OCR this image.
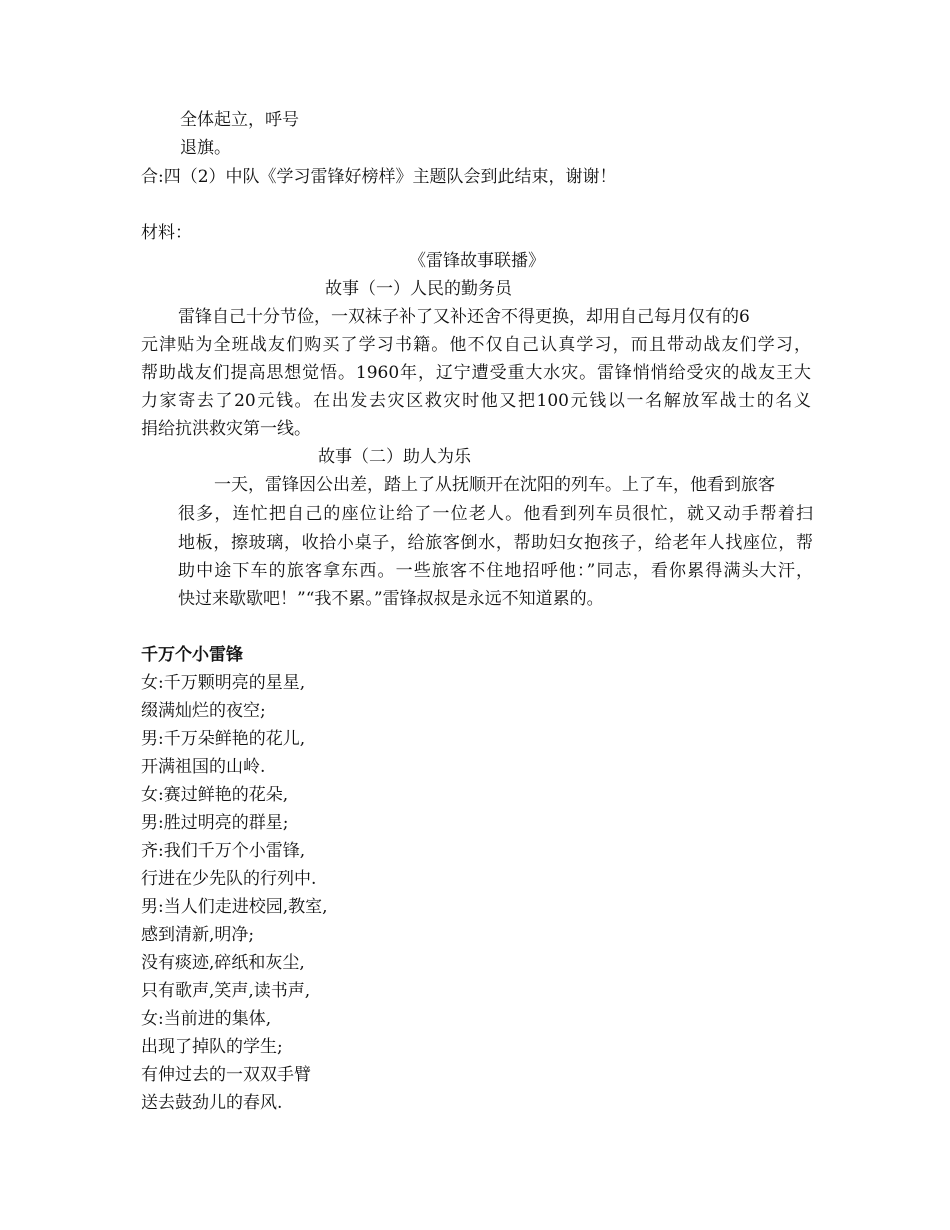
全体起立，呼号
退旗。
合:四（2）中队《学习雷锋好榜样》主题队会到此结束，谢谢！
材料：
《雷锋故事联播》
故事（一）人民的勤务员
雷锋自己十分节俭，一双袜子补了又补还舍不得更换，却用自己每月仅有的6
元津贴为全班战友们购买了学习书籍。他不仅自己认真学习，而且带动战友们学习，
帮助战友们提高思想觉悟。1960年，辽宁遭受重大水灾。雷锋悄悄给受灾的战友王大
力家寄去了20元钱。在出发去灾区救灾时他又把100元钱以一名解放军战士的名义
捐给抗洪救灾第一线。
故事（二）助人为乐
一天，雷锋因公出差，踏上了从抚顺开在沈阳的列车。上了车，他看到旅客
很多，连忙把自己的座位让给了一位老人。他看到列车员很忙，就又动手帮着扫
地板，擦玻璃，收拾小桌子，给旅客倒水，帮助妇女抱孩子，给老年人找座位，帮
助中途下车的旅客拿东西。一些旅客不住地招呼他：”同志，看你累得满头大汗，
快过来歇歇吧！”“我不累。”雷锋叔叔是永远不知道累的。
千万个小雷锋
女:千万颗明亮的星星,
缀满灿烂的夜空;
男:千万朵鲜艳的花儿,
开满祖国的山岭.
女:赛过鲜艳的花朵,
男:胜过明亮的群星;
齐:我们千万个小雷锋,
行进在少先队的行列中.
男:当人们走进校园,教室,
感到清新,明净;
没有痰迹,碎纸和灰尘,
只有歌声,笑声,读书声,
女:当前进的集体,
出现了掉队的学生;
有伸过去的一双双手臂
送去鼓劲儿的春风.
